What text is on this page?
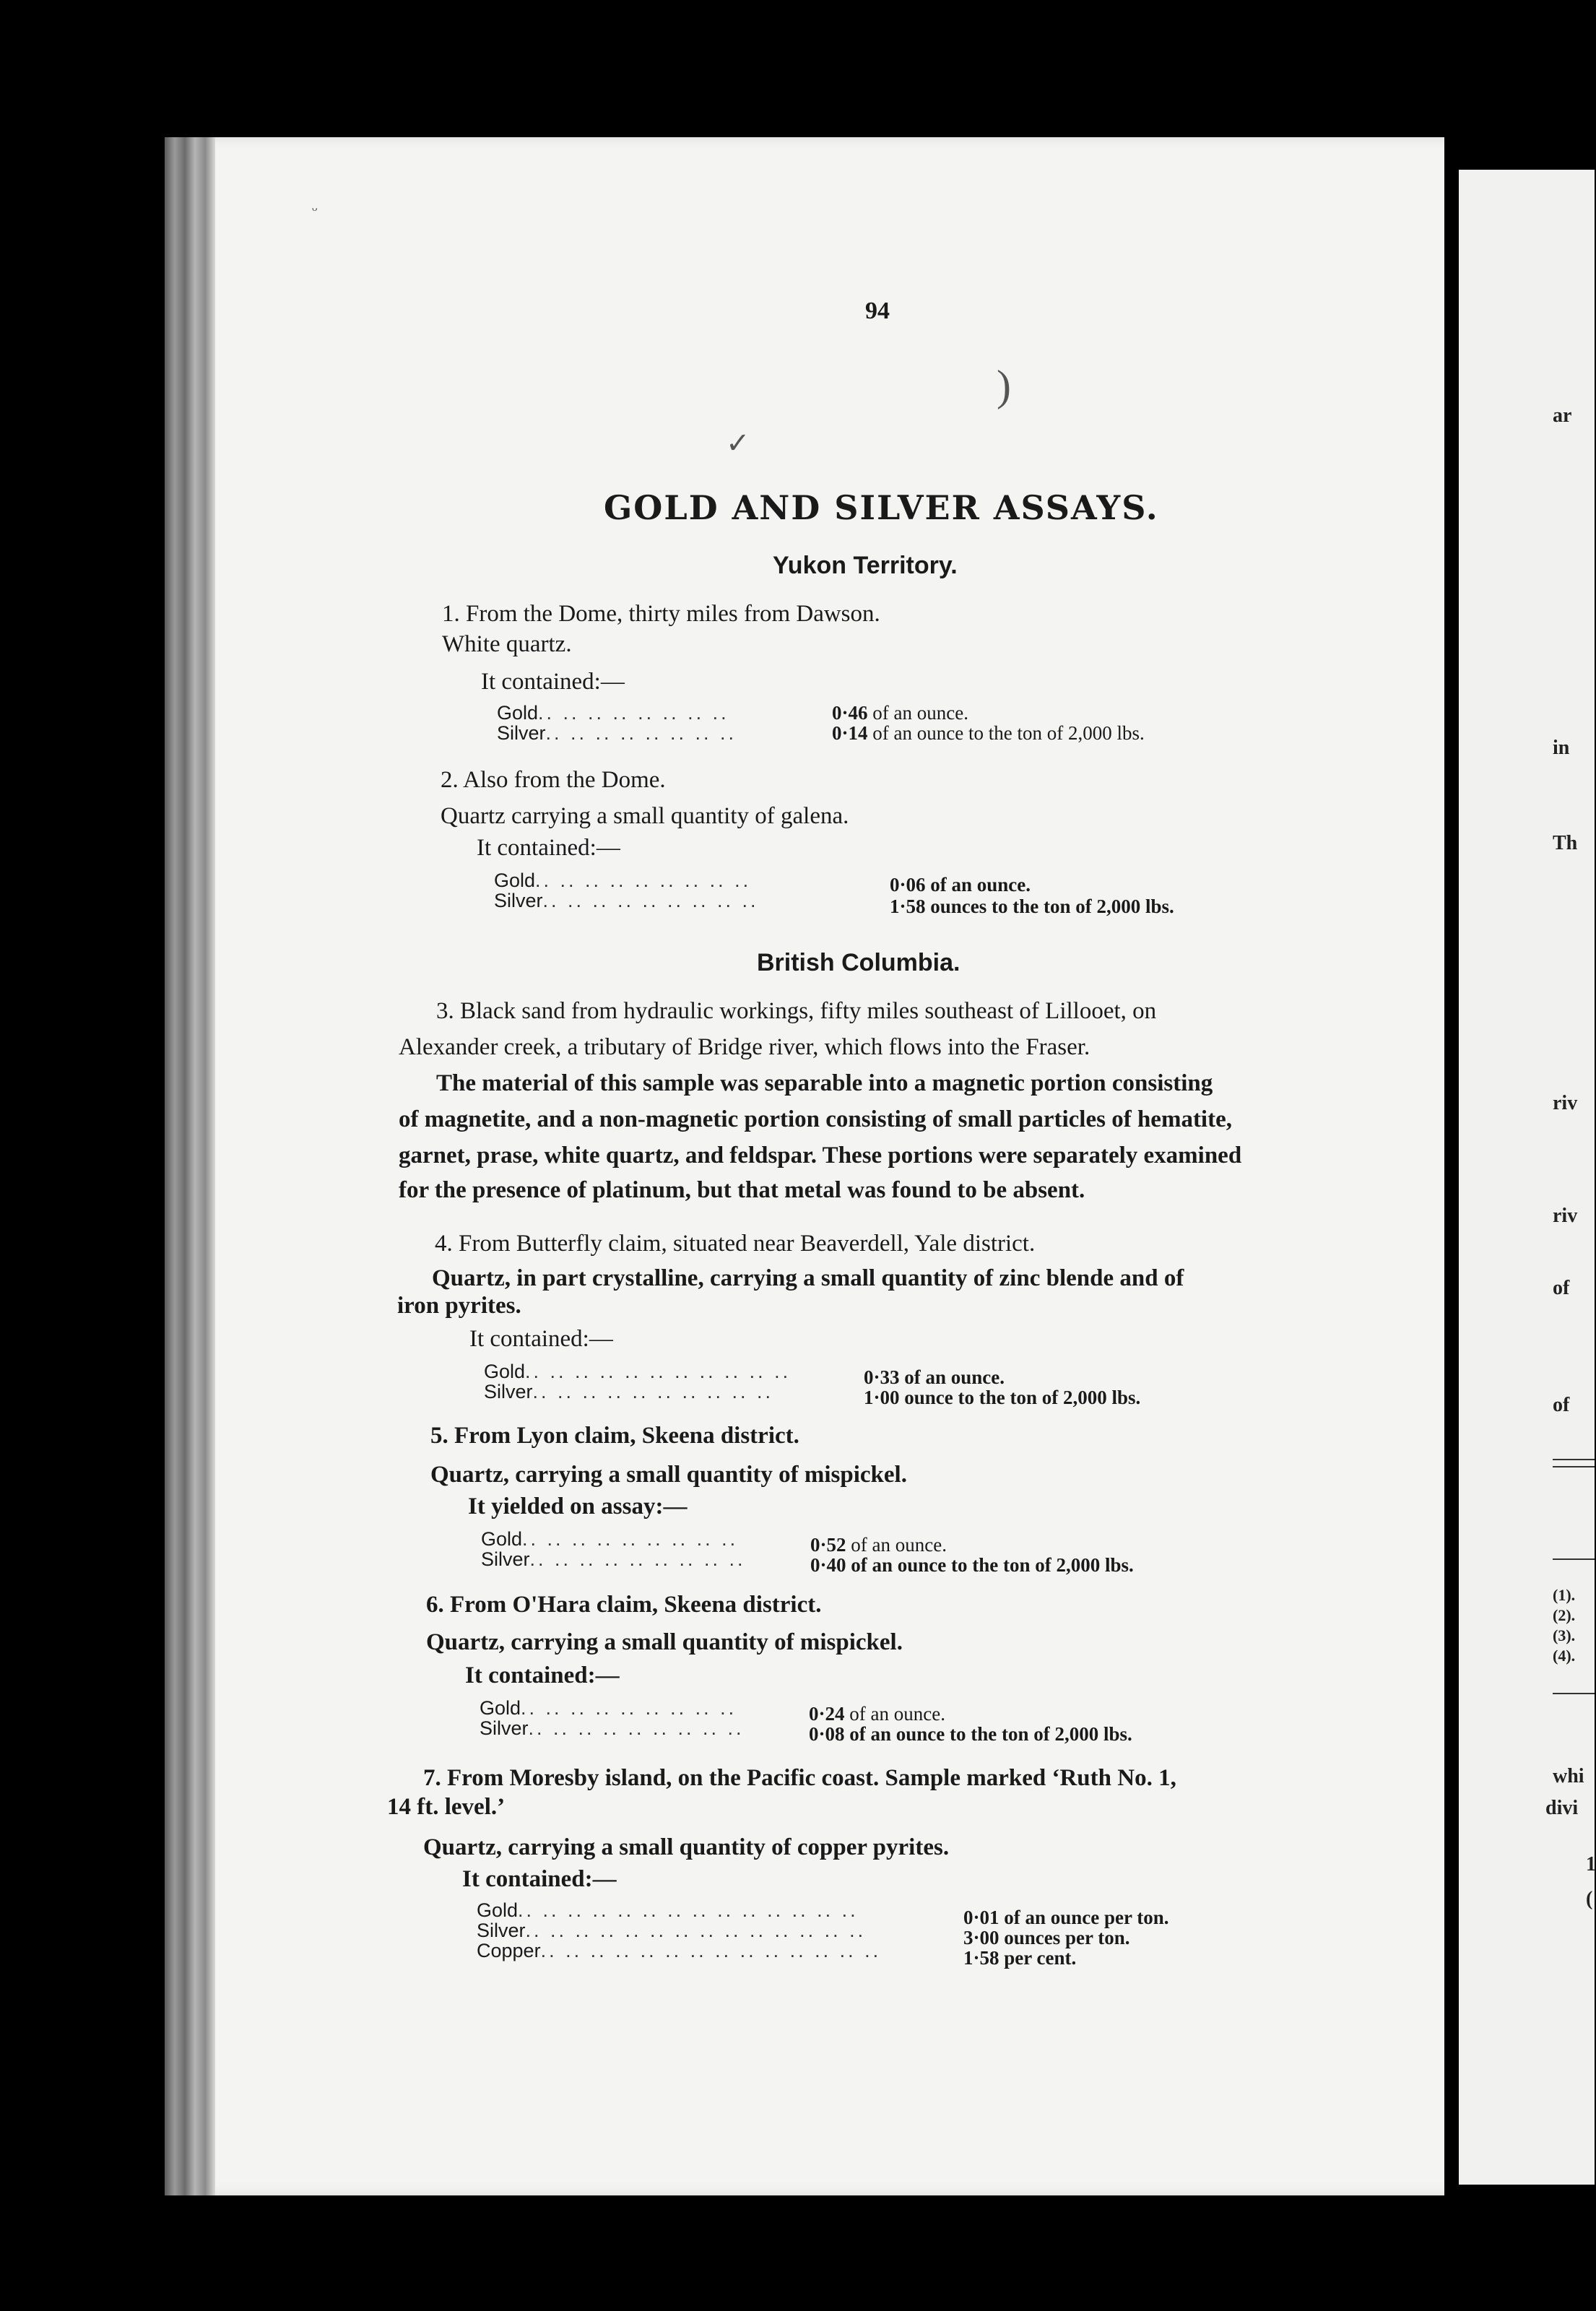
ar
in
Th
riv
riv
of
of
(1).
(2).
(3).
(4).
whi
divi
1
(
ᵕ
)
✓
94
GOLD AND SILVER ASSAYS.
Yukon Territory.
1. From the Dome, thirty miles from Dawson.
White quartz.
It contained:—
Gold.. .. .. .. .. .. .. ..	0·46 of an ounce.
Silver.. .. .. .. .. .. .. ..	0·14 of an ounce to the ton of 2,000 lbs.
2. Also from the Dome.
Quartz carrying a small quantity of galena.
It contained:—
Gold.. .. .. .. .. .. .. .. ..	0·06 of an ounce.
Silver.. .. .. .. .. .. .. .. ..	1·58 ounces to the ton of 2,000 lbs.
British Columbia.
3. Black sand from hydraulic workings, fifty miles southeast of Lillooet, on
Alexander creek, a tributary of Bridge river, which flows into the Fraser.
The material of this sample was separable into a magnetic portion consisting
of magnetite, and a non-magnetic portion consisting of small particles of hematite,
garnet, prase, white quartz, and feldspar. These portions were separately examined
for the presence of platinum, but that metal was found to be absent.
4. From Butterfly claim, situated near Beaverdell, Yale district.
Quartz, in part crystalline, carrying a small quantity of zinc blende and of
iron pyrites.
It contained:—
Gold.. .. .. .. .. .. .. .. .. .. ..	0·33 of an ounce.
Silver.. .. .. .. .. .. .. .. .. ..	1·00 ounce to the ton of 2,000 lbs.
5. From Lyon claim, Skeena district.
Quartz, carrying a small quantity of mispickel.
It yielded on assay:—
Gold.. .. .. .. .. .. .. .. ..	0·52 of an ounce.
Silver.. .. .. .. .. .. .. .. ..	0·40 of an ounce to the ton of 2,000 lbs.
6. From O'Hara claim, Skeena district.
Quartz, carrying a small quantity of mispickel.
It contained:—
Gold.. .. .. .. .. .. .. .. ..	0·24 of an ounce.
Silver.. .. .. .. .. .. .. .. ..	0·08 of an ounce to the ton of 2,000 lbs.
7. From Moresby island, on the Pacific coast. Sample marked ‘Ruth No. 1,
14 ft. level.’
Quartz, carrying a small quantity of copper pyrites.
It contained:—
Gold.. .. .. .. .. .. .. .. .. .. .. .. .. ..	0·01 of an ounce per ton.
Silver.. .. .. .. .. .. .. .. .. .. .. .. .. ..	3·00 ounces per ton.
Copper.. .. .. .. .. .. .. .. .. .. .. .. .. ..	1·58 per cent.
